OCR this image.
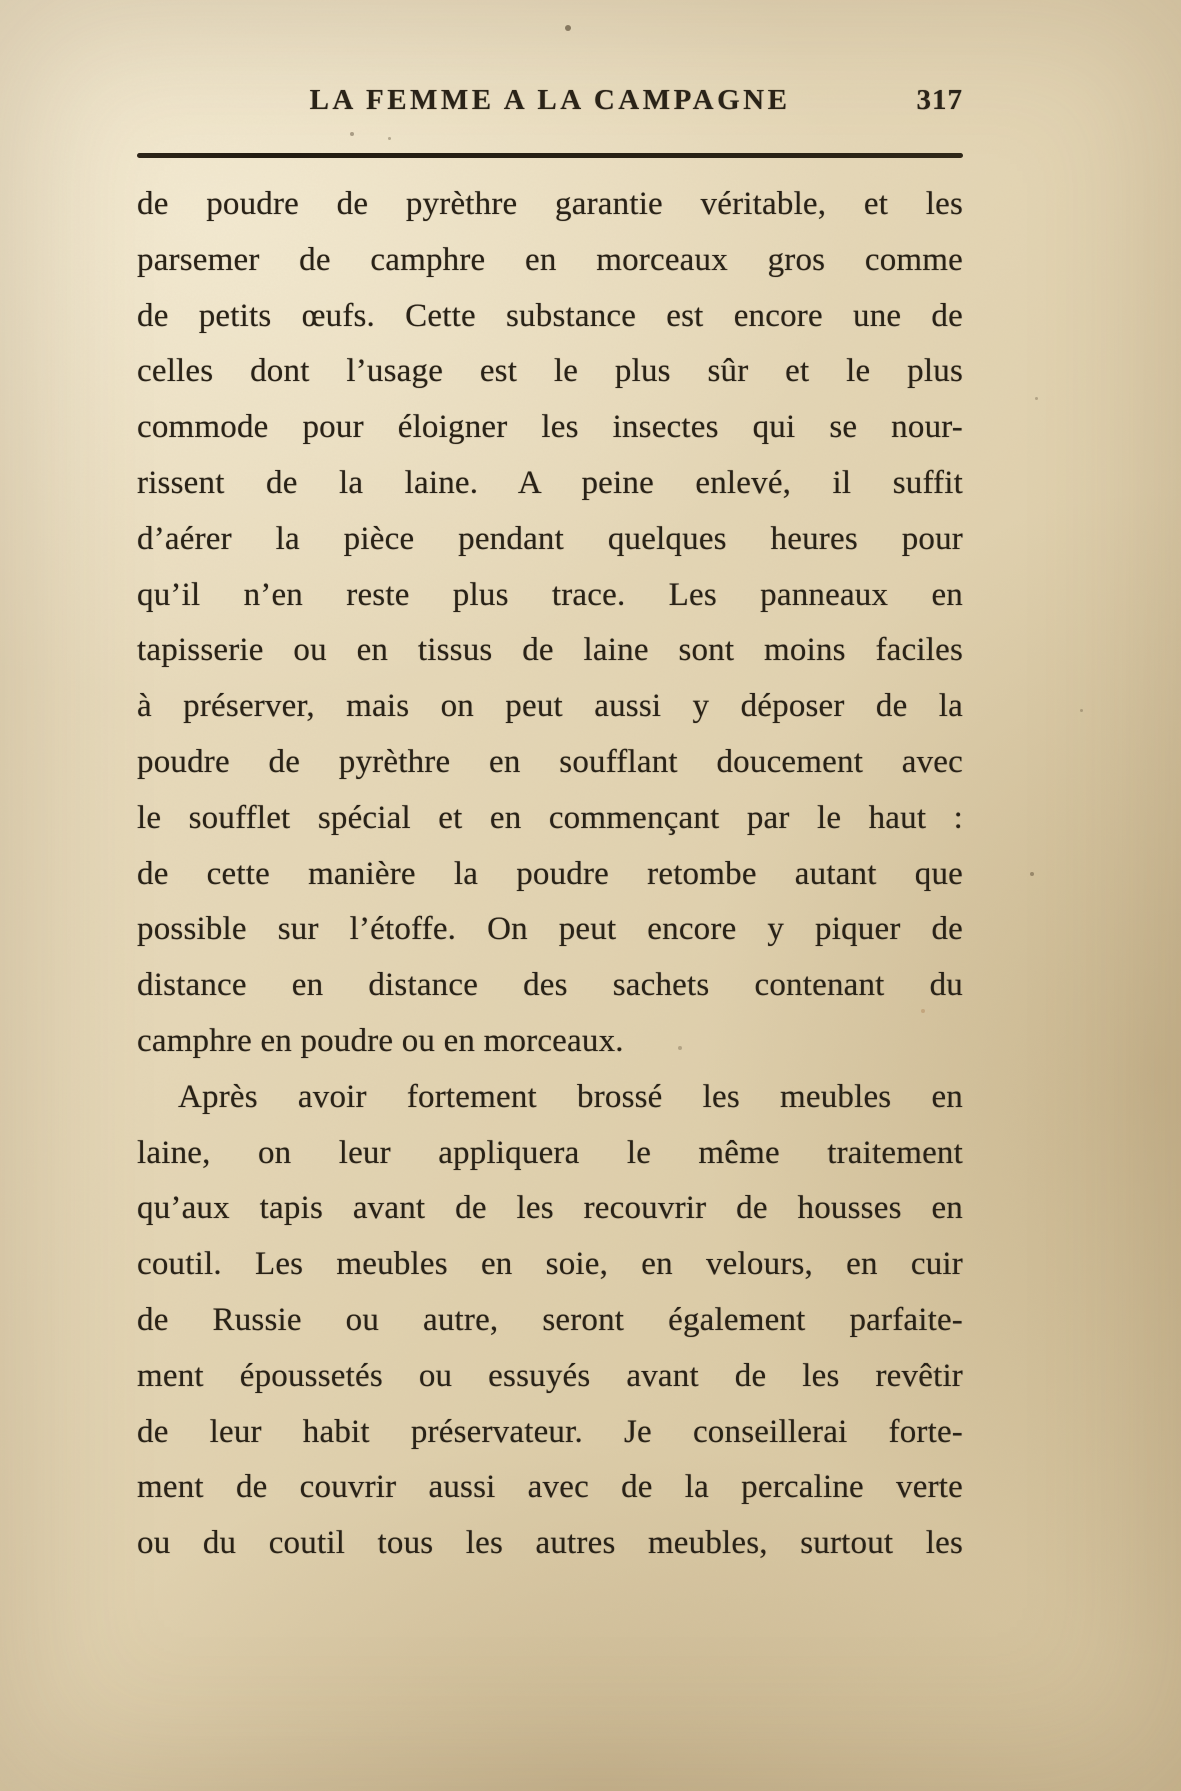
LA FEMME A LA CAMPAGNE	317
de poudre de pyrèthre garantie véritable, et les
parsemer de camphre en morceaux gros comme
de petits œufs. Cette substance est encore une de
celles dont l’usage est le plus sûr et le plus
commode pour éloigner les insectes qui se nour-
rissent de la laine. A peine enlevé, il suffit
d’aérer la pièce pendant quelques heures pour
qu’il n’en reste plus trace. Les panneaux en
tapisserie ou en tissus de laine sont moins faciles
à préserver, mais on peut aussi y déposer de la
poudre de pyrèthre en soufflant doucement avec
le soufflet spécial et en commençant par le haut :
de cette manière la poudre retombe autant que
possible sur l’étoffe. On peut encore y piquer de
distance en distance des sachets contenant du
camphre en poudre ou en morceaux.
Après avoir fortement brossé les meubles en
laine, on leur appliquera le même traitement
qu’aux tapis avant de les recouvrir de housses en
coutil. Les meubles en soie, en velours, en cuir
de Russie ou autre, seront également parfaite-
ment époussetés ou essuyés avant de les revêtir
de leur habit préservateur. Je conseillerai forte-
ment de couvrir aussi avec de la percaline verte
ou du coutil tous les autres meubles, surtout les
